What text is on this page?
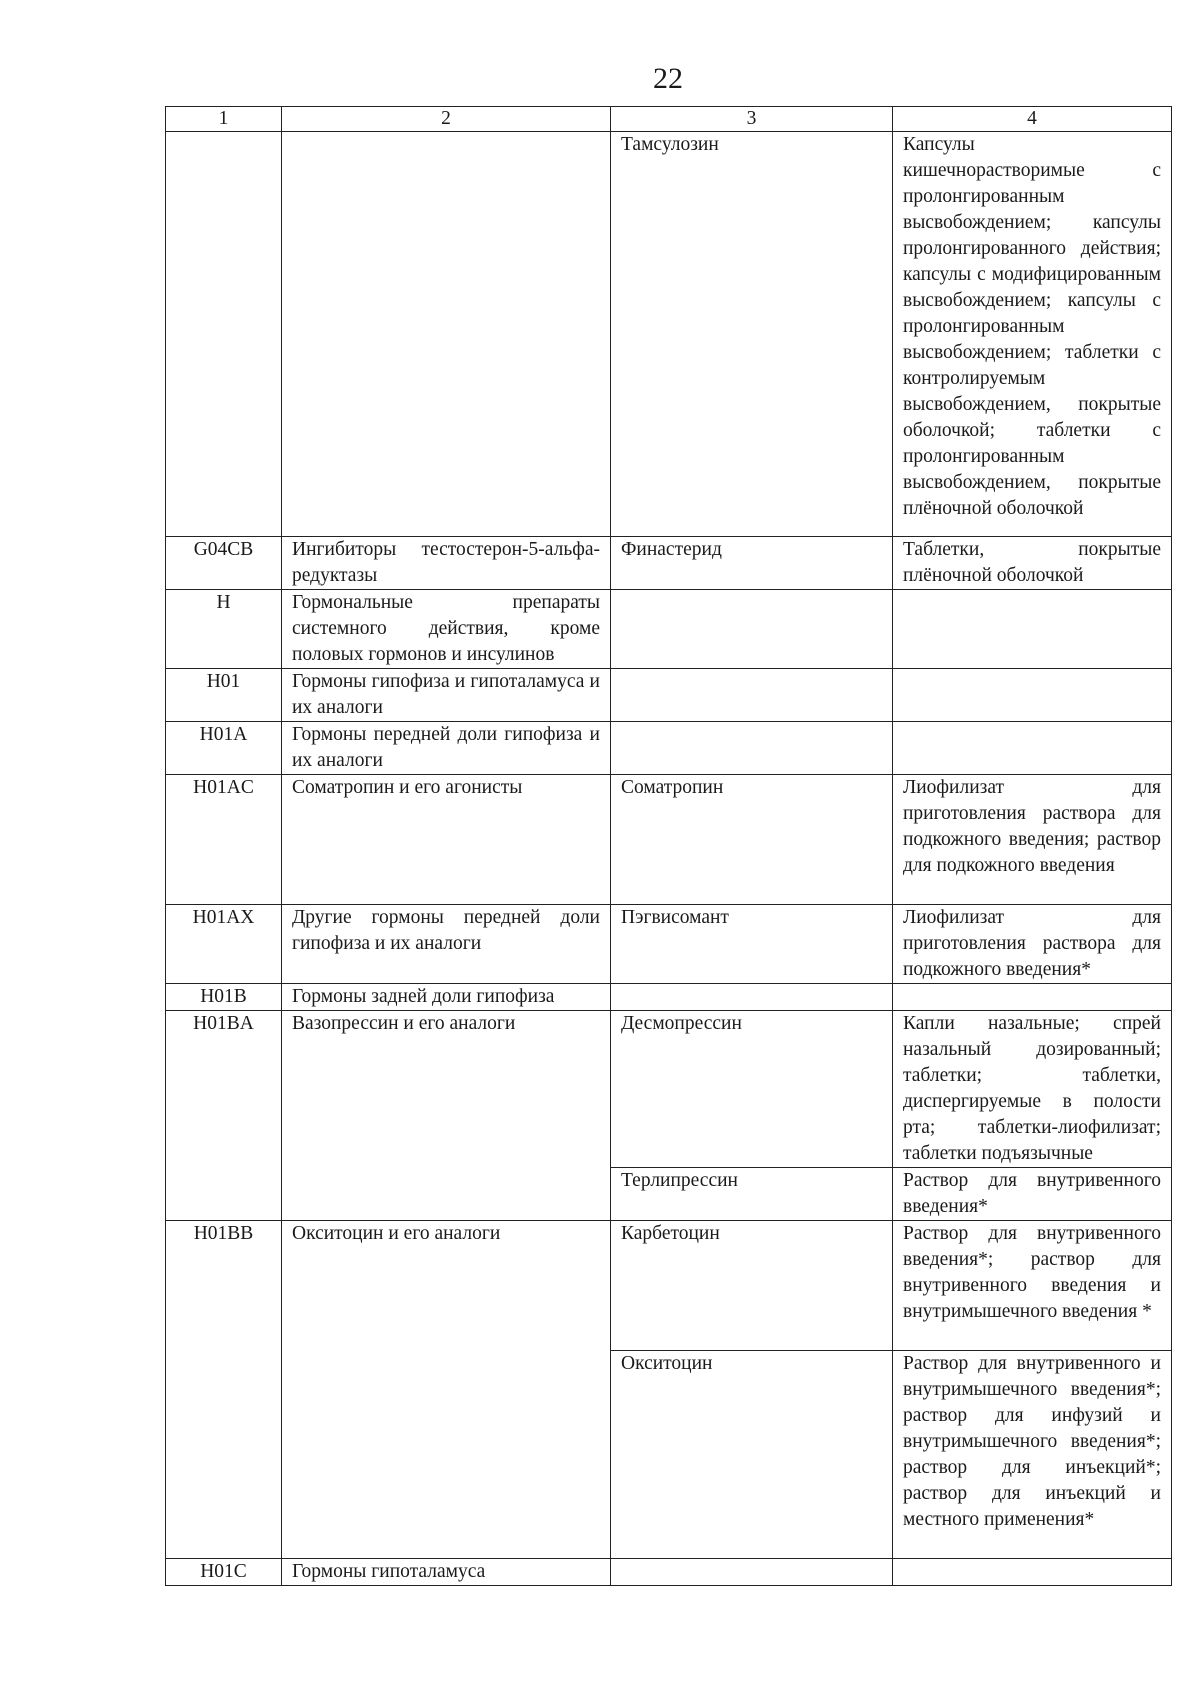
22
1	2	3	4
		Тамсулозин	Капсулы кишечнорастворимые с пролонгированным высвобождением; капсулы пролонгированного действия; капсулы с модифицированным высвобождением; капсулы с пролонгированным высвобождением; таблетки с контролируемым высвобождением, покрытые оболочкой; таблетки с пролонгированным высвобождением, покрытые плёночной оболочкой
G04CB	Ингибиторы тестостерон-5-альфа-редуктазы	Финастерид	Таблетки, покрытые плёночной оболочкой
H	Гормональные препараты системного действия, кроме половых гормонов и инсулинов		
H01	Гормоны гипофиза и гипоталамуса и их аналоги		
H01A	Гормоны передней доли гипофиза и их аналоги		
H01AC	Соматропин и его агонисты	Соматропин	Лиофилизат для приготовления раствора для подкожного введения; раствор для подкожного введения
H01AX	Другие гормоны передней доли гипофиза и их аналоги	Пэгвисомант	Лиофилизат для приготовления раствора для подкожного введения*
H01B	Гормоны задней доли гипофиза		
H01BA	Вазопрессин и его аналоги	Десмопрессин	Капли назальные; спрей назальный дозированный; таблетки; таблетки, диспергируемые в полости рта; таблетки-лиофилизат; таблетки подъязычные
		Терлипрессин	Раствор для внутривенного введения*
H01BB	Окситоцин и его аналоги	Карбетоцин	Раствор для внутривенного введения*; раствор для внутривенного введения и внутримышечного введения *
		Окситоцин	Раствор для внутривенного и внутримышечного введения*; раствор для инфузий и внутримышечного введения*; раствор для инъекций*; раствор для инъекций и местного применения*
H01C	Гормоны гипоталамуса		
